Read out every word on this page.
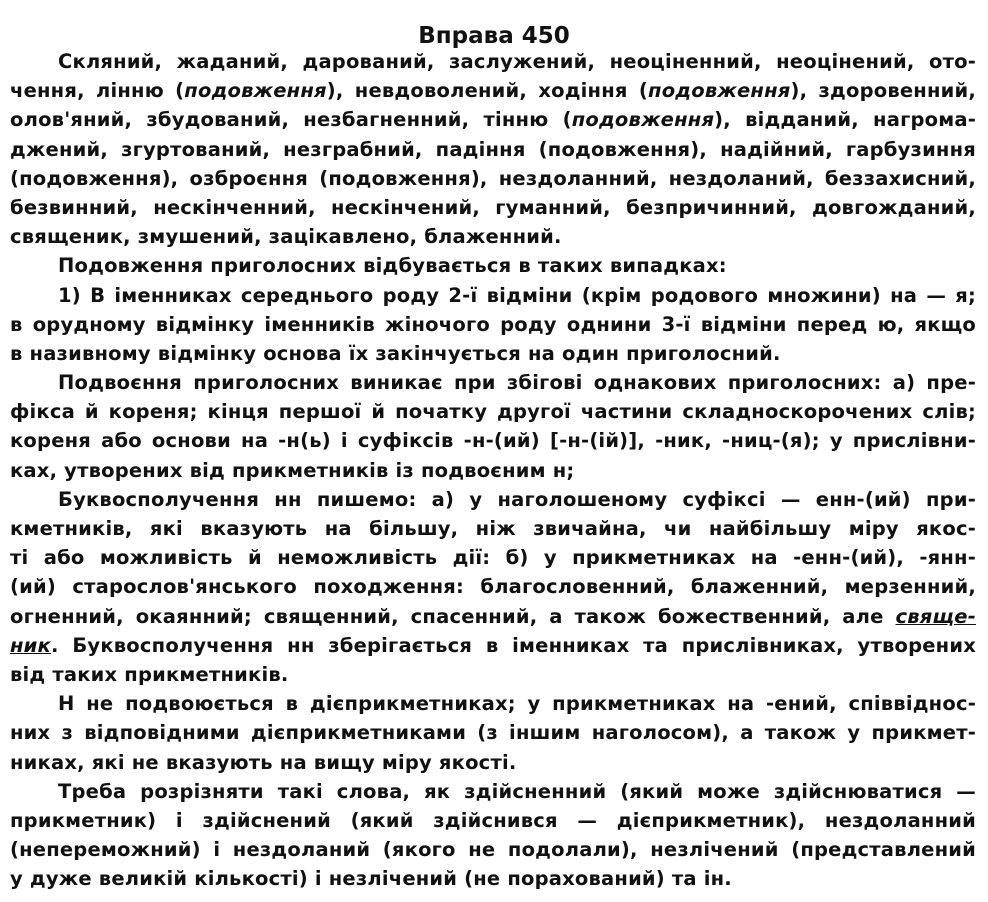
Вправа 450
Скляний, жаданий, дарований, заслужений, неоціненний, неоцінений, ото-
чення, лінню (подовження), невдоволений, ходіння (подовження), здоровенний,
олов'яний, збудований, незбагненний, тінню (подовження), відданий, нагрома-
джений, згуртований, незграбний, падіння (подовження), надійний, гарбузиння
(подовження), озброєння (подовження), нездоланний, нездоланий, беззахисний,
безвинний, нескінченний, нескінчений, гуманний, безпричинний, довгожданий,
священик, змушений, зацікавлено, блаженний.
Подовження приголосних відбувається в таких випадках:
1) В іменниках середнього роду 2-ї відміни (крім родового множини) на — я;
в орудному відмінку іменників жіночого роду однини 3-ї відміни перед ю, якщо
в називному відмінку основа їх закінчується на один приголосний.
Подвоєння приголосних виникає при збігові однакових приголосних: а) пре-
фікса й кореня; кінця першої й початку другої частини складноскорочених слів;
кореня або основи на -н(ь) і суфіксів -н-(ий) [-н-(ій)], -ник, -ниц-(я); у прислівни-
ках, утворених від прикметників із подвоєним н;
Буквосполучення нн пишемо: а) у наголошеному суфіксі — енн-(ий) при-
кметників, які вказують на більшу, ніж звичайна, чи найбільшу міру якос-
ті або можливість й неможливість дії: б) у прикметниках на -енн-(ий), -янн-
(ий) старослов'янського походження: благословенний, блаженний, мерзенний,
огненний, окаянний; священний, спасенний, а також божественний, але свяще-
ник. Буквосполучення нн зберігається в іменниках та прислівниках, утворених
від таких прикметників.
Н не подвоюється в дієприкметниках; у прикметниках на -ений, співвіднос-
них з відповідними дієприкметниками (з іншим наголосом), а також у прикмет-
никах, які не вказують на вищу міру якості.
Треба розрізняти такі слова, як здійсненний (який може здійснюватися —
прикметник) і здійснений (який здійснився — дієприкметник), нездоланний
(непереможний) і нездоланий (якого не подолали), незлічений (представлений
у дуже великій кількості) і незлічений (не порахований) та ін.
